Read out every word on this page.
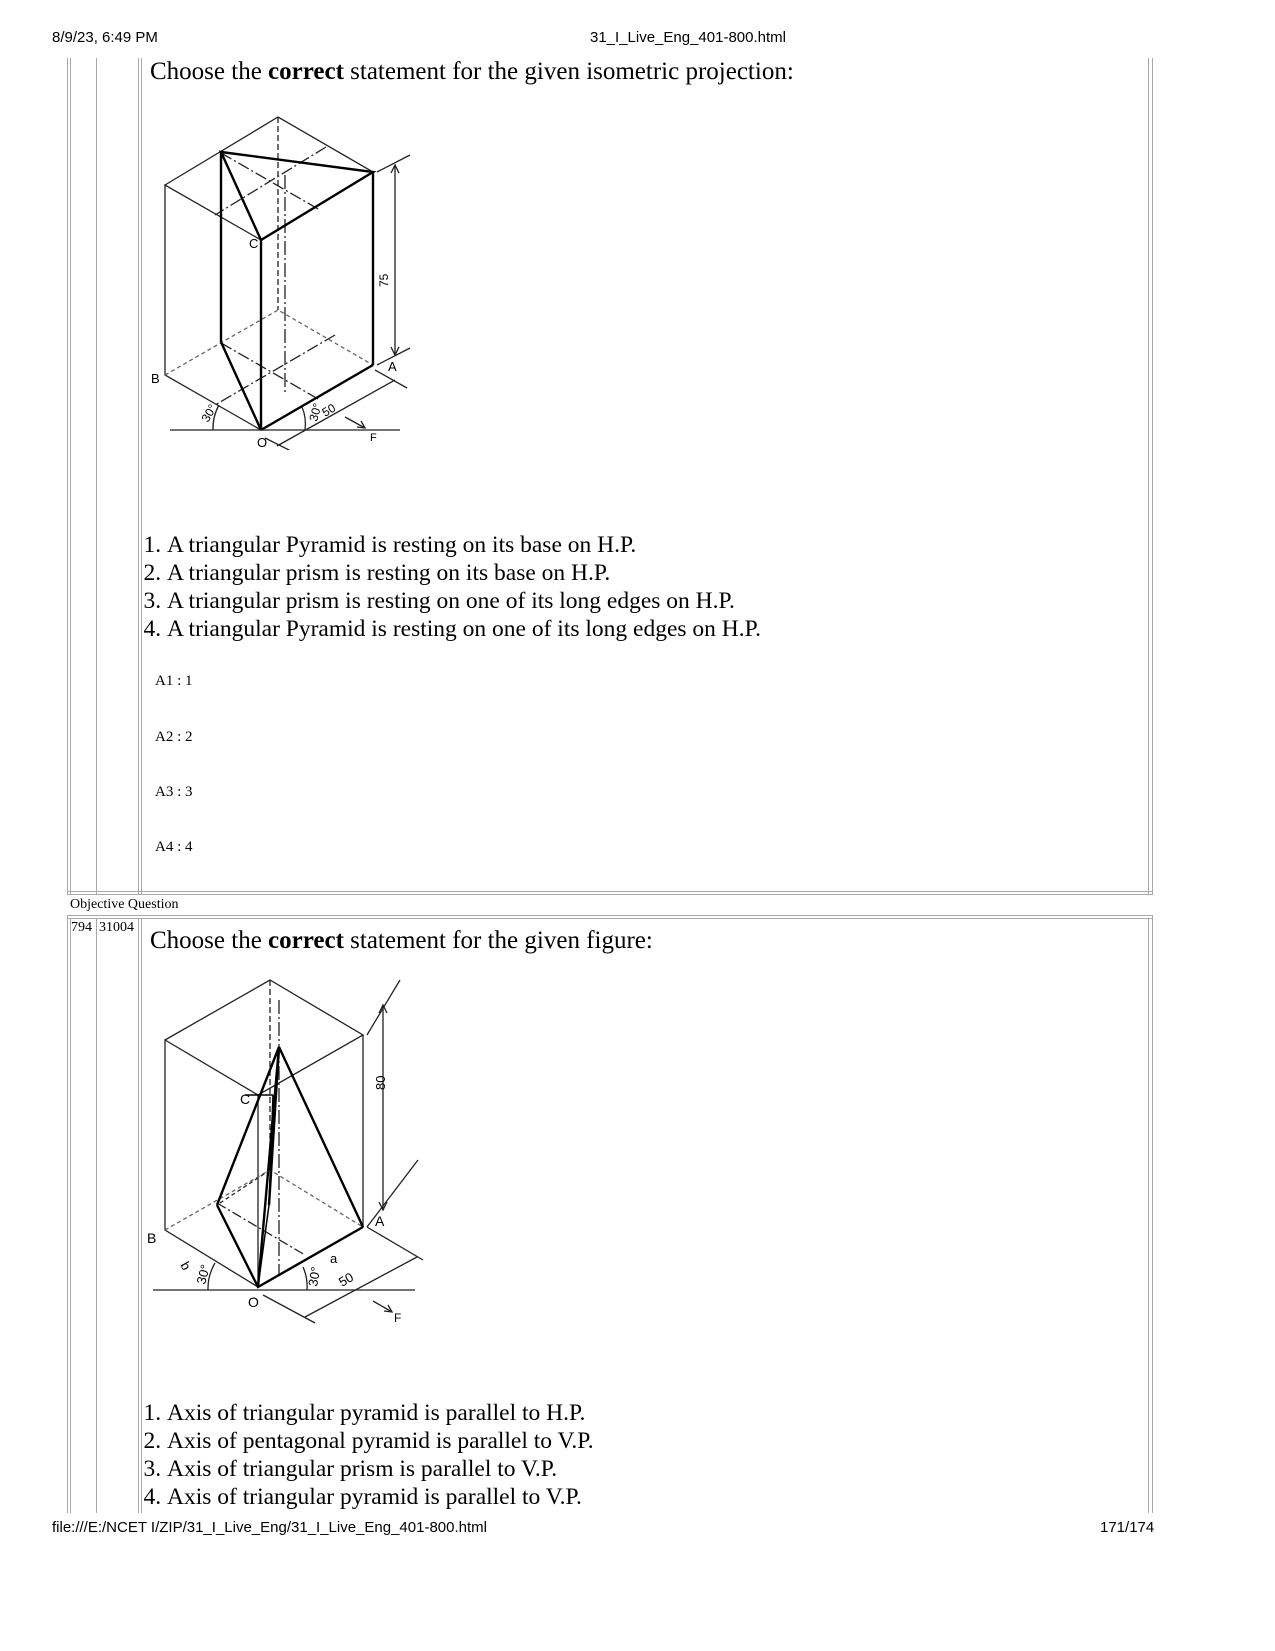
8/9/23, 6:49 PM	31_I_Live_Eng_401-800.html
Choose the correct statement for the given isometric projection:
C
B
A
O	F
75
50
30°	30°
1. A triangular Pyramid is resting on its base on H.P.
2. A triangular prism is resting on its base on H.P.
3. A triangular prism is resting on one of its long edges on H.P.
4. A triangular Pyramid is resting on one of its long edges on H.P.
A1 : 1
A2 : 2
A3 : 3
A4 : 4
Objective Question
794 31004 Choose the correct statement for the given figure:
C
B
A
O
F
80
50
a
b 30°	30°
1. Axis of triangular pyramid is parallel to H.P.
2. Axis of pentagonal pyramid is parallel to V.P.
3. Axis of triangular prism is parallel to V.P.
4. Axis of triangular pyramid is parallel to V.P.
file:///E:/NCET I/ZIP/31_I_Live_Eng/31_I_Live_Eng_401-800.html	171/174
